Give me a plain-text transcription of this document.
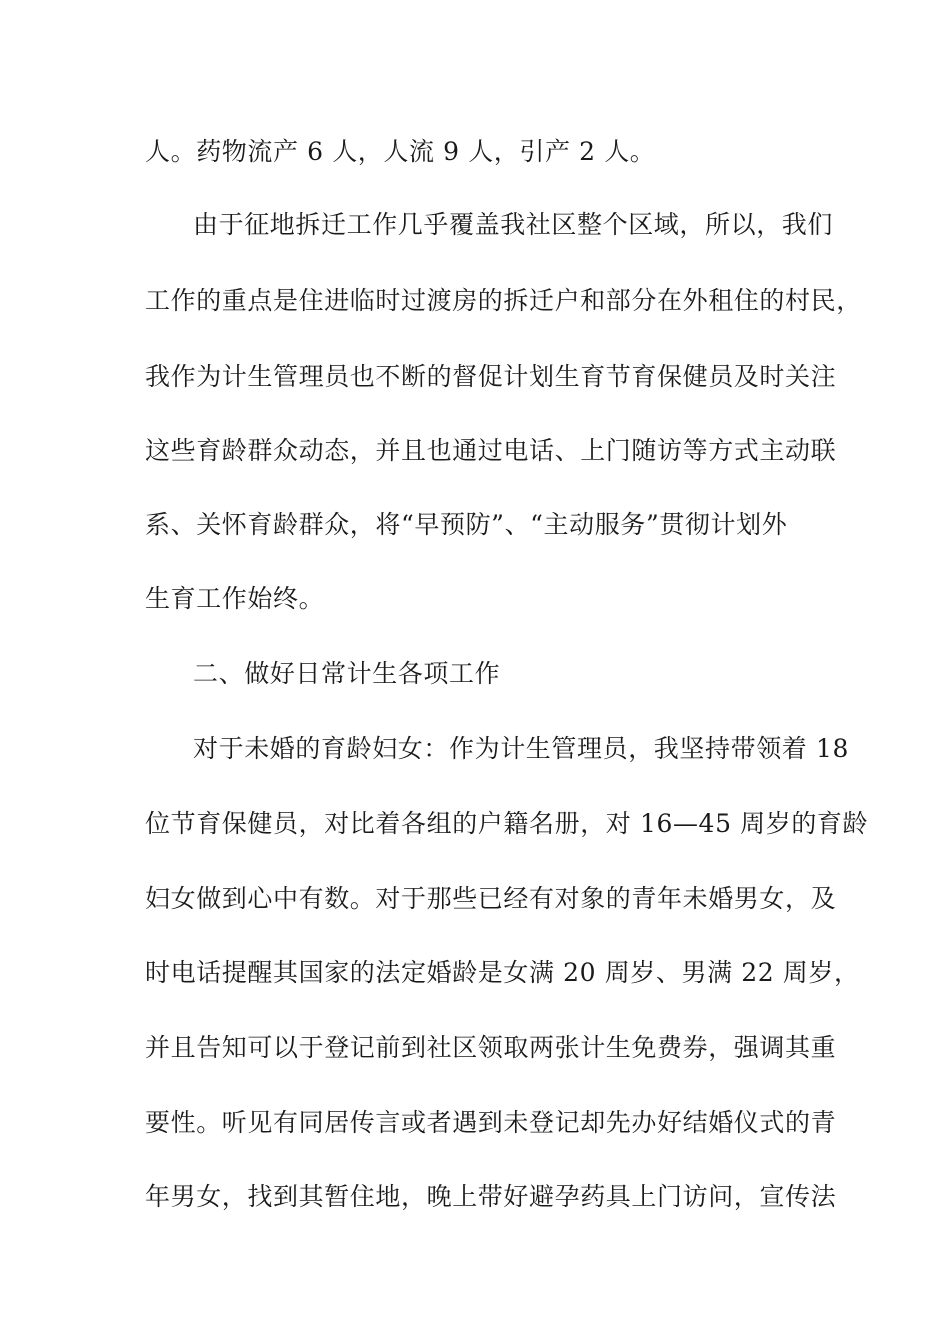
人。药物流产 6 人，人流 9 人，引产 2 人。
由于征地拆迁工作几乎覆盖我社区整个区域，所以，我们
工作的重点是住进临时过渡房的拆迁户和部分在外租住的村民，
我作为计生管理员也不断的督促计划生育节育保健员及时关注
这些育龄群众动态，并且也通过电话、上门随访等方式主动联
系、关怀育龄群众，将“早预防”、“主动服务”贯彻计划外
生育工作始终。
二、做好日常计生各项工作
对于未婚的育龄妇女：作为计生管理员，我坚持带领着 18
位节育保健员，对比着各组的户籍名册，对 16—45 周岁的育龄
妇女做到心中有数。对于那些已经有对象的青年未婚男女，及
时电话提醒其国家的法定婚龄是女满 20 周岁、男满 22 周岁，
并且告知可以于登记前到社区领取两张计生免费券，强调其重
要性。听见有同居传言或者遇到未登记却先办好结婚仪式的青
年男女，找到其暂住地，晚上带好避孕药具上门访问，宣传法
